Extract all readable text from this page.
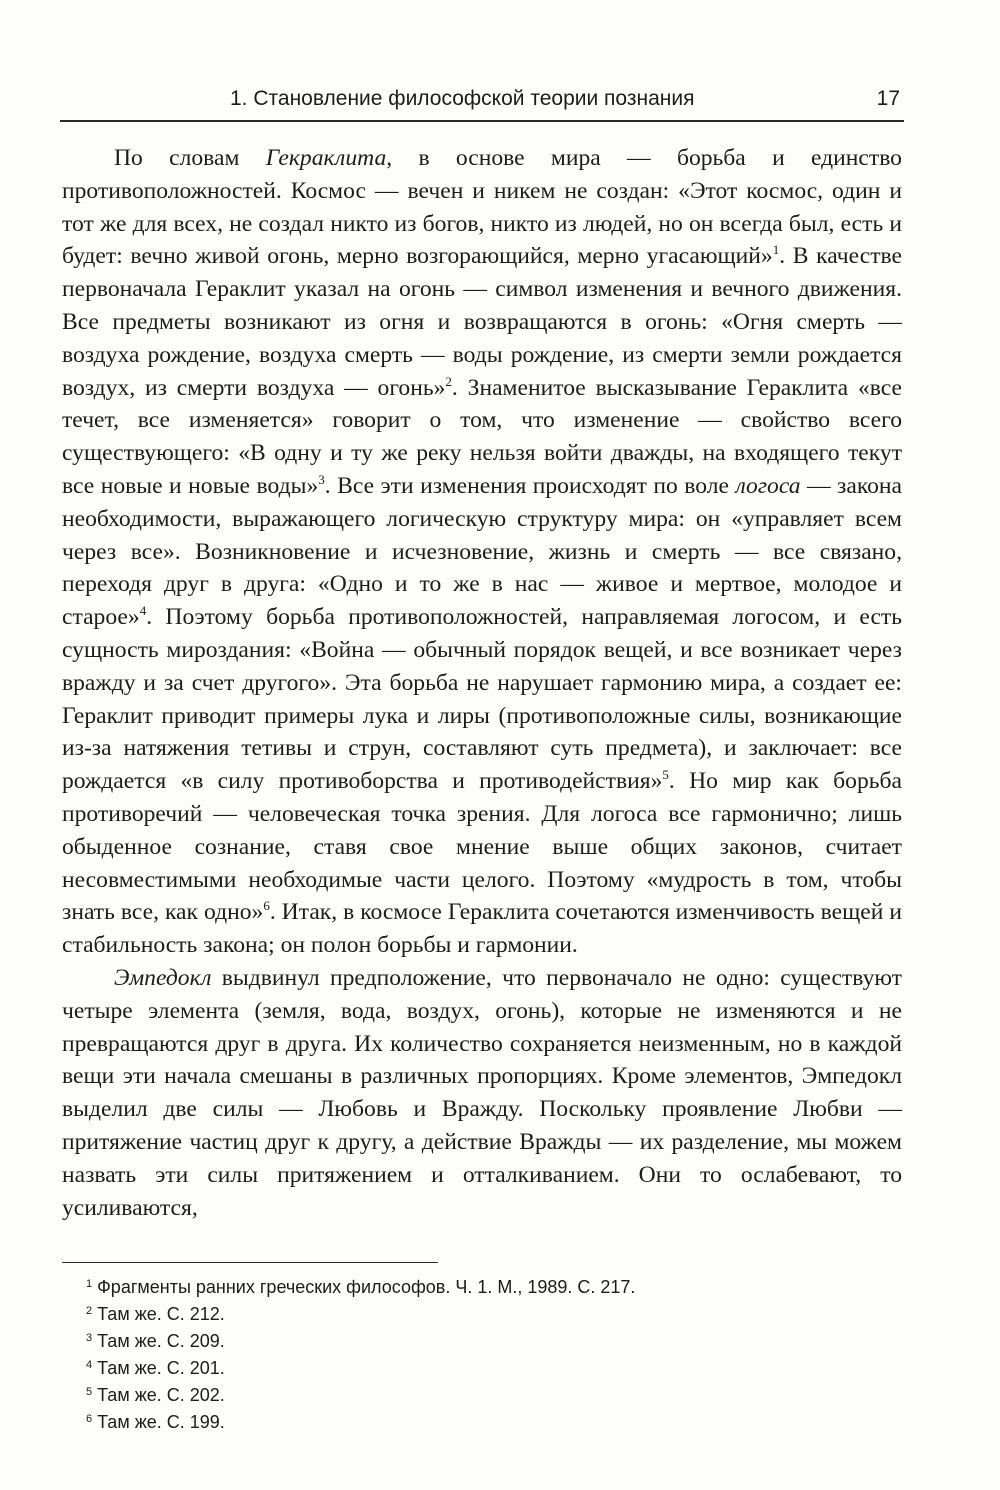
1. Становление философской теории познания	17

По словам Гекраклита, в основе мира — борьба и единство противоположностей. Космос — вечен и никем не создан: «Этот космос, один и тот же для всех, не создал никто из богов, никто из людей, но он всегда был, есть и будет: вечно живой огонь, мерно возгорающийся, мерно угасающий»$^1$. В качестве первоначала Гераклит указал на огонь — символ изменения и вечного движения. Все предметы возникают из огня и возвращаются в огонь: «Огня смерть — воздуха рождение, воздуха смерть — воды рождение, из смерти земли рождается воздух, из смерти воздуха — огонь»$^2$. Знаменитое высказывание Гераклита «все течет, все изменяется» говорит о том, что изменение — свойство всего существующего: «В одну и ту же реку нельзя войти дважды, на входящего текут все новые и новые воды»$^3$. Все эти изменения происходят по воле логоса — закона необходимости, выражающего логическую структуру мира: он «управляет всем через все». Возникновение и исчезновение, жизнь и смерть — все связано, переходя друг в друга: «Одно и то же в нас — живое и мертвое, молодое и старое»$^4$. Поэтому борьба противоположностей, направляемая логосом, и есть сущность мироздания: «Война — обычный порядок вещей, и все возникает через вражду и за счет другого». Эта борьба не нарушает гармонию мира, а создает ее: Гераклит приводит примеры лука и лиры (противоположные силы, возникающие из-за натяжения тетивы и струн, составляют суть предмета), и заключает: все рождается «в силу противоборства и противодействия»$^5$. Но мир как борьба противоречий — человеческая точка зрения. Для логоса все гармонично; лишь обыденное сознание, ставя свое мнение выше общих законов, считает несовместимыми необходимые части целого. Поэтому «мудрость в том, чтобы знать все, как одно»$^6$. Итак, в космосе Гераклита сочетаются изменчивость вещей и стабильность закона; он полон борьбы и гармонии.

Эмпедокл выдвинул предположение, что первоначало не одно: существуют четыре элемента (земля, вода, воздух, огонь), которые не изменяются и не превращаются друг в друга. Их количество сохраняется неизменным, но в каждой вещи эти начала смешаны в различных пропорциях. Кроме элементов, Эмпедокл выделил две силы — Любовь и Вражду. Поскольку проявление Любви — притяжение частиц друг к другу, а действие Вражды — их разделение, мы можем назвать эти силы притяжением и отталкиванием. Они то ослабевают, то усиливаются,

$^1$ Фрагменты ранних греческих философов. Ч. 1. М., 1989. С. 217.
$^2$ Там же. С. 212.
$^3$ Там же. С. 209.
$^4$ Там же. С. 201.
$^5$ Там же. С. 202.
$^6$ Там же. С. 199.
